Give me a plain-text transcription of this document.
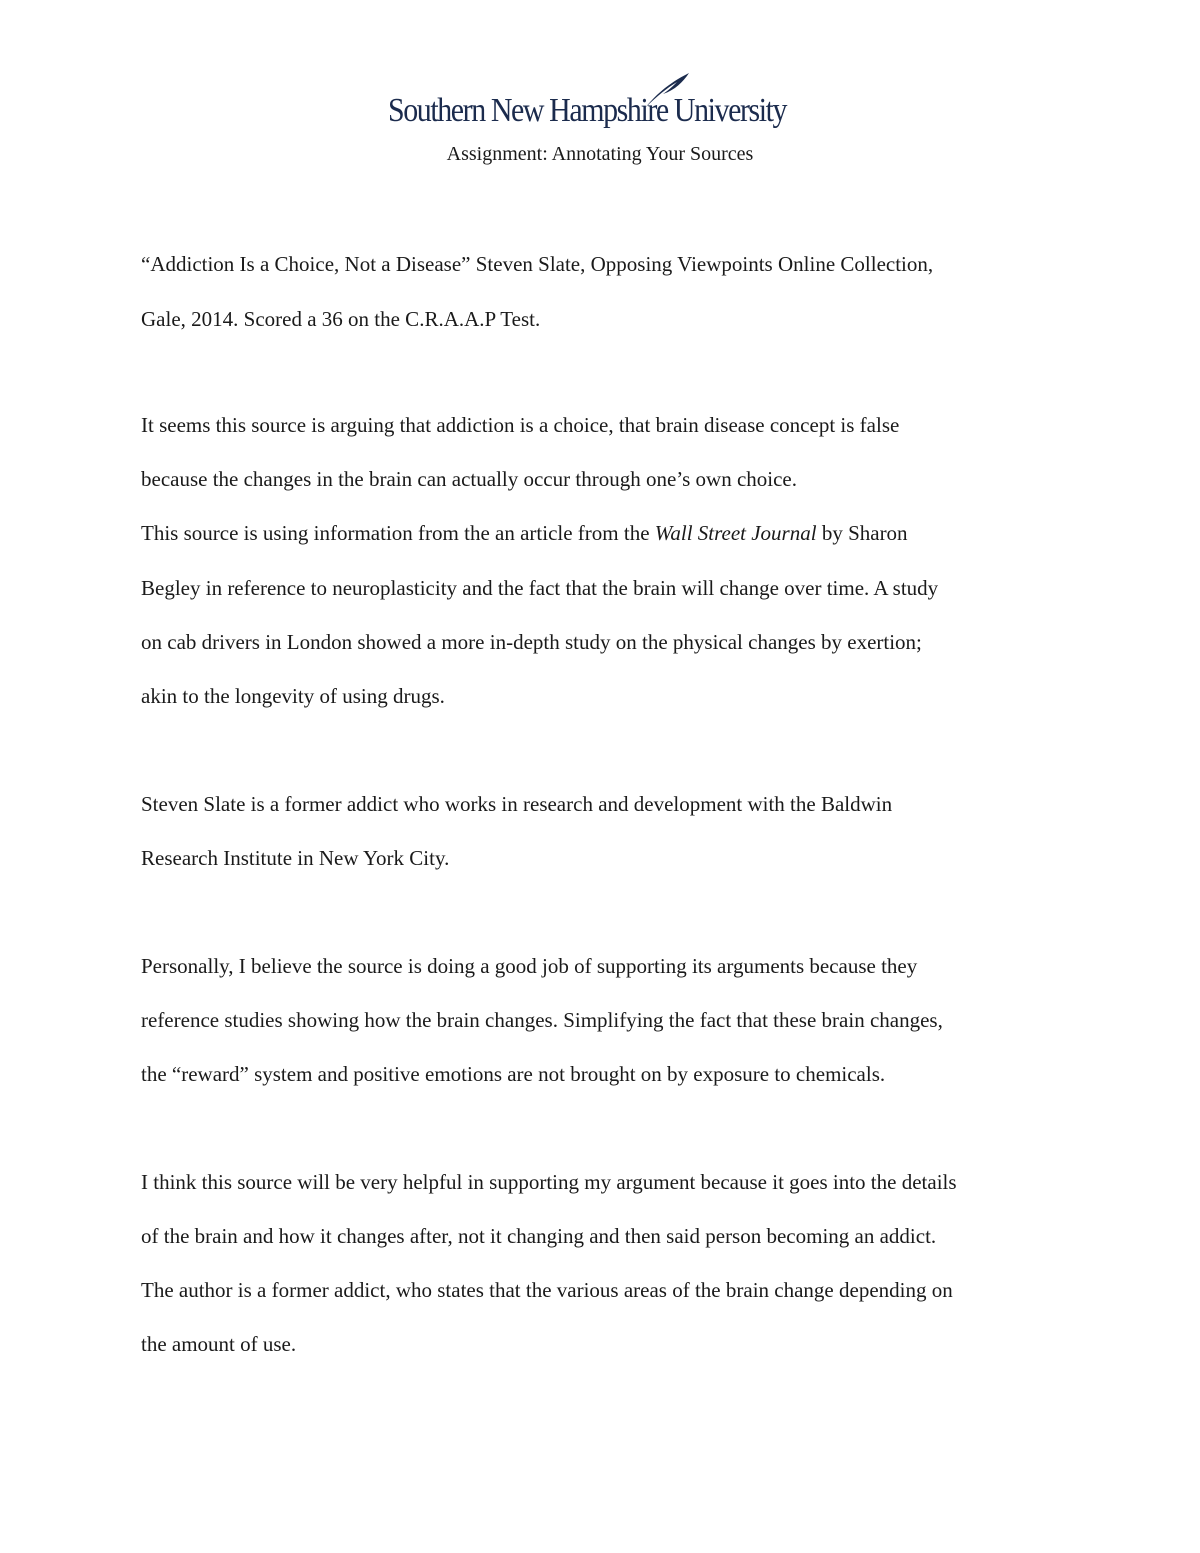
Southern New Hampshire University
Assignment: Annotating Your Sources
“Addiction Is a Choice, Not a Disease” Steven Slate, Opposing Viewpoints Online Collection,
Gale, 2014. Scored a 36 on the C.R.A.A.P Test.
It seems this source is arguing that addiction is a choice, that brain disease concept is false
because the changes in the brain can actually occur through one’s own choice.
This source is using information from the an article from the Wall Street Journal by Sharon
Begley in reference to neuroplasticity and the fact that the brain will change over time. A study
on cab drivers in London showed a more in-depth study on the physical changes by exertion;
akin to the longevity of using drugs.
Steven Slate is a former addict who works in research and development with the Baldwin
Research Institute in New York City.
Personally, I believe the source is doing a good job of supporting its arguments because they
reference studies showing how the brain changes. Simplifying the fact that these brain changes,
the “reward” system and positive emotions are not brought on by exposure to chemicals.
I think this source will be very helpful in supporting my argument because it goes into the details
of the brain and how it changes after, not it changing and then said person becoming an addict.
The author is a former addict, who states that the various areas of the brain change depending on
the amount of use.
